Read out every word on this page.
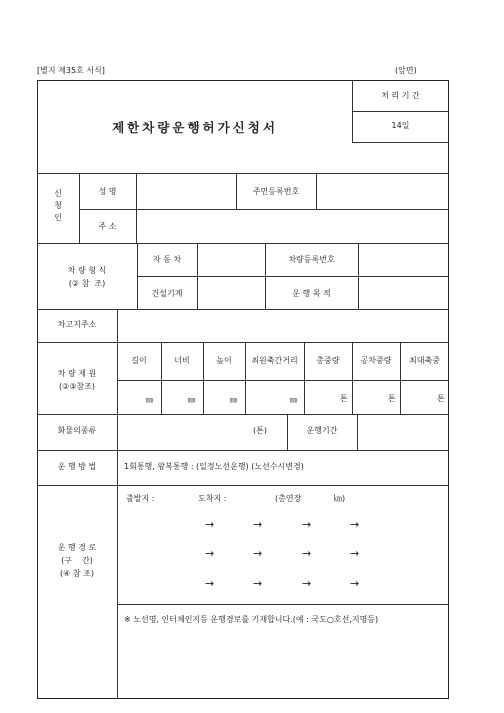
[별지 제35호 서식]	(앞면)
제한차량운행허가신청서
처 리 기 간
14일
신
청
인
성 명	주민등록번호
주 소
차 량 형 식
(② 참  조)
자 동 차	차량등록번호
건설기계	운 행 목 적
차고지주소
차 량 제 원
(②③참조)
길이	너비	높이	최원축간거리	총중량	공차중량	최대축중
㎜	㎜	㎜	㎜	톤	톤	톤
화물의종류	(톤)	운행기간
운 행 방 법	1회통행, 왕복통행 : (일정노선운행) (노선수시변경)
운 행 경 로
(구    간)
(④ 참 조)
출발지 :	도착지 :	(총연장	㎞)
→	→	→	→
→	→	→	→
→	→	→	→
※ 노선명, 인터체인지등 운행경로를 기재합니다.(예 : 국도○호선,지명등)
